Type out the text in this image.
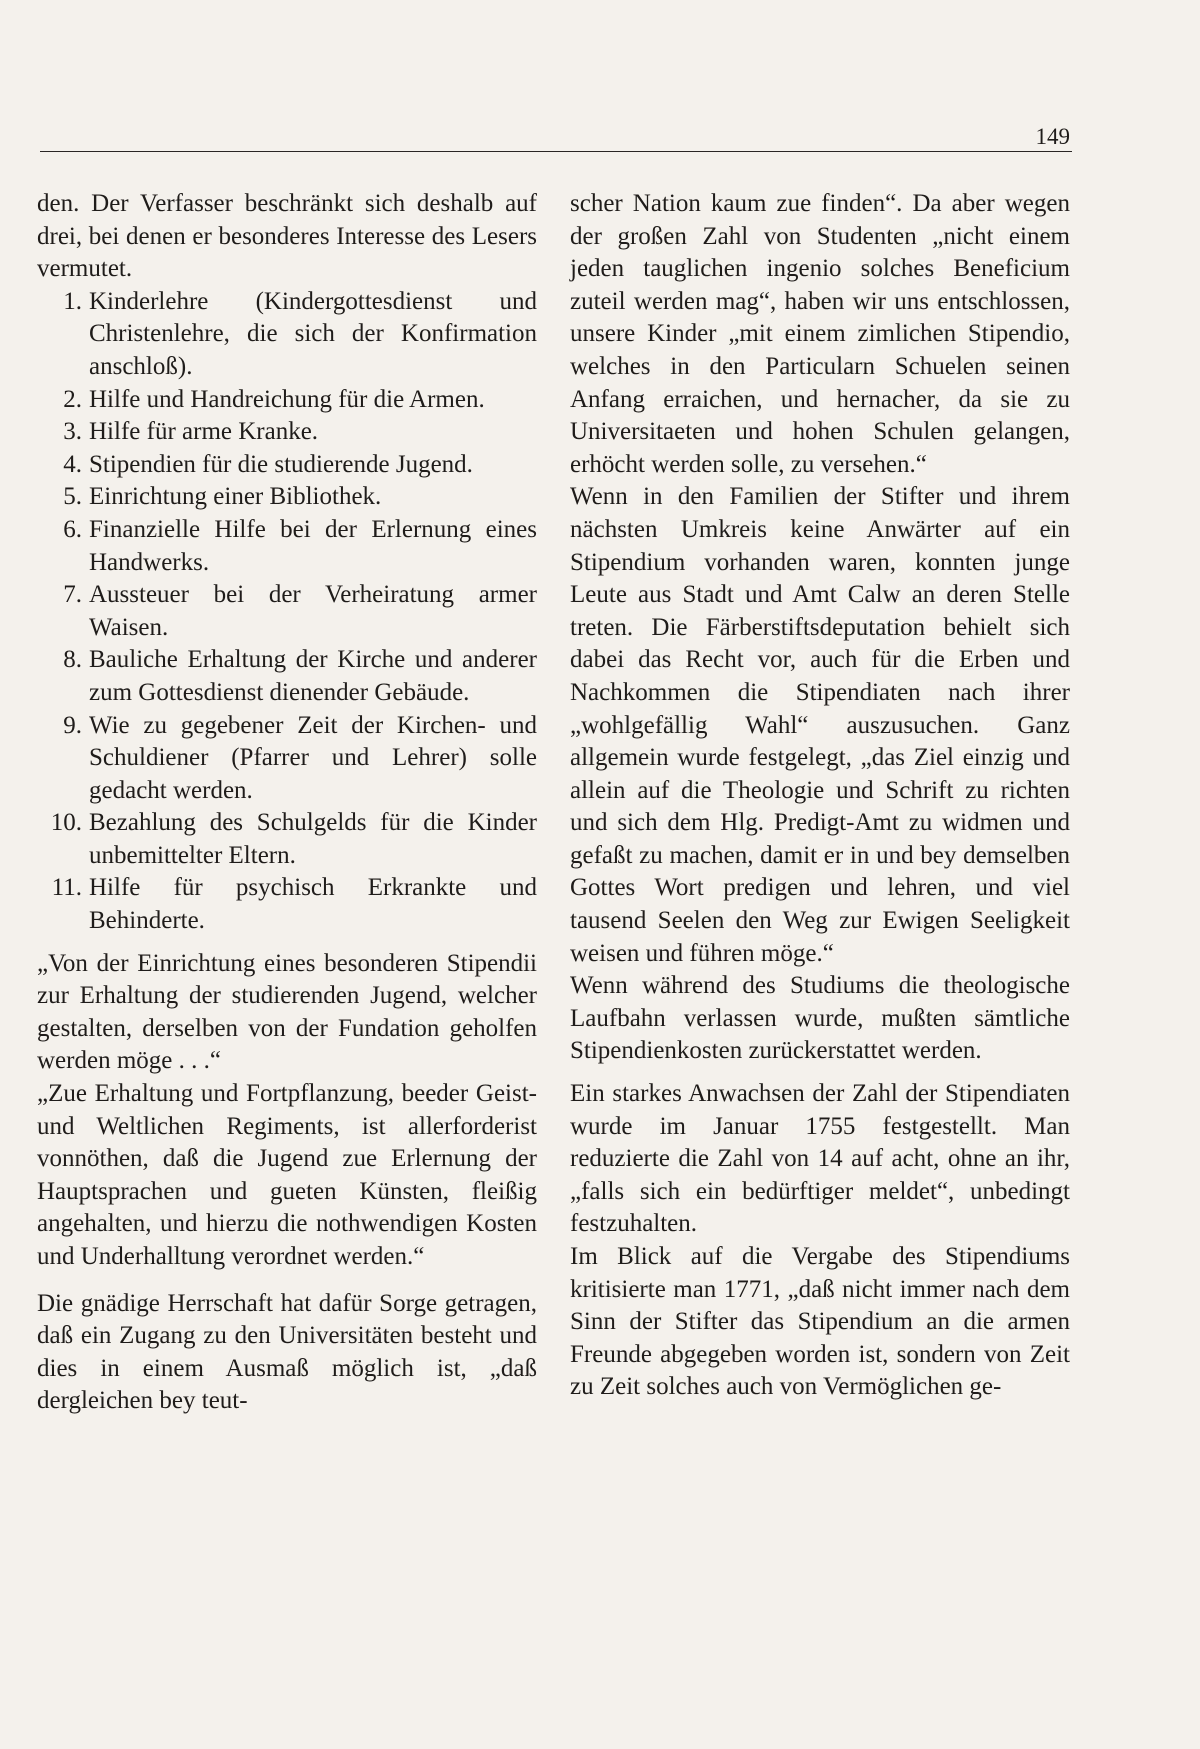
149

den. Der Verfasser beschränkt sich deshalb auf drei, bei denen er besonderes Interesse des Lesers vermutet.

1. Kinderlehre (Kindergottesdienst und Christenlehre, die sich der Konfirmation anschloß).
2. Hilfe und Handreichung für die Armen.
3. Hilfe für arme Kranke.
4. Stipendien für die studierende Jugend.
5. Einrichtung einer Bibliothek.
6. Finanzielle Hilfe bei der Erlernung eines Handwerks.
7. Aussteuer bei der Verheiratung armer Waisen.
8. Bauliche Erhaltung der Kirche und anderer zum Gottesdienst dienender Gebäude.
9. Wie zu gegebener Zeit der Kirchen- und Schuldiener (Pfarrer und Lehrer) solle gedacht werden.
10. Bezahlung des Schulgelds für die Kinder unbemittelter Eltern.
11. Hilfe für psychisch Erkrankte und Behinderte.

„Von der Einrichtung eines besonderen Stipendii zur Erhaltung der studierenden Jugend, welcher gestalten, derselben von der Fundation geholfen werden möge . . .“

„Zue Erhaltung und Fortpflanzung, beeder Geist- und Weltlichen Regiments, ist allerforderist vonnöthen, daß die Jugend zue Erlernung der Hauptsprachen und gueten Künsten, fleißig angehalten, und hierzu die nothwendigen Kosten und Underhalltung verordnet werden.“

Die gnädige Herrschaft hat dafür Sorge getragen, daß ein Zugang zu den Universitäten besteht und dies in einem Ausmaß möglich ist, „daß dergleichen bey teut-

scher Nation kaum zue finden“. Da aber wegen der großen Zahl von Studenten „nicht einem jeden tauglichen ingenio solches Beneficium zuteil werden mag“, haben wir uns entschlossen, unsere Kinder „mit einem zimlichen Stipendio, welches in den Particularn Schuelen seinen Anfang erraichen, und hernacher, da sie zu Universitaeten und hohen Schulen gelangen, erhöcht werden solle, zu versehen.“

Wenn in den Familien der Stifter und ihrem nächsten Umkreis keine Anwärter auf ein Stipendium vorhanden waren, konnten junge Leute aus Stadt und Amt Calw an deren Stelle treten. Die Färberstiftsdeputation behielt sich dabei das Recht vor, auch für die Erben und Nachkommen die Stipendiaten nach ihrer „wohlgefällig Wahl“ auszusuchen. Ganz allgemein wurde festgelegt, „das Ziel einzig und allein auf die Theologie und Schrift zu richten und sich dem Hlg. Predigt-Amt zu widmen und gefaßt zu machen, damit er in und bey demselben Gottes Wort predigen und lehren, und viel tausend Seelen den Weg zur Ewigen Seeligkeit weisen und führen möge.“

Wenn während des Studiums die theologische Laufbahn verlassen wurde, mußten sämtliche Stipendienkosten zurückerstattet werden.

Ein starkes Anwachsen der Zahl der Stipendiaten wurde im Januar 1755 festgestellt. Man reduzierte die Zahl von 14 auf acht, ohne an ihr, „falls sich ein bedürftiger meldet“, unbedingt festzuhalten.

Im Blick auf die Vergabe des Stipendiums kritisierte man 1771, „daß nicht immer nach dem Sinn der Stifter das Stipendium an die armen Freunde abgegeben worden ist, sondern von Zeit zu Zeit solches auch von Vermöglichen ge-
